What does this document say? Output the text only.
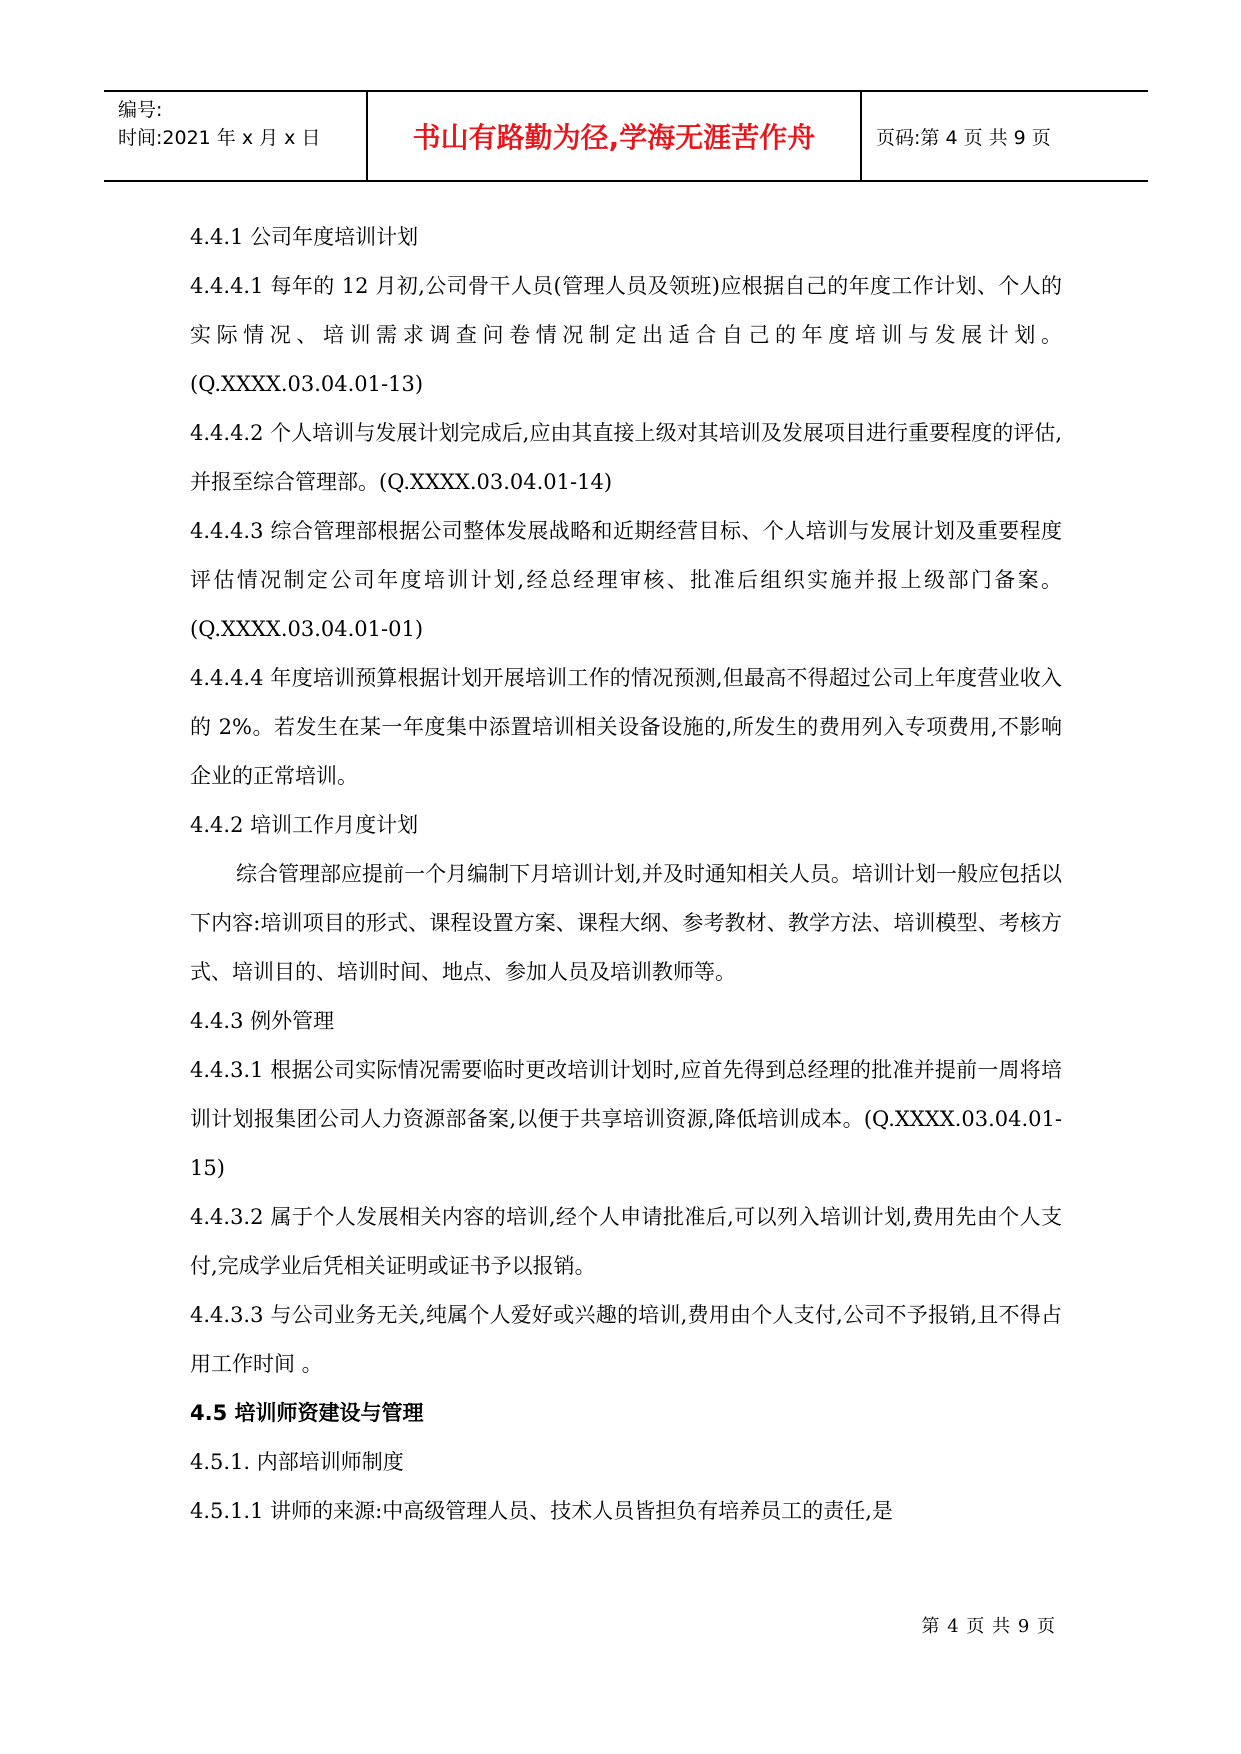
编号:
时间:2021 年 x 月 x 日	书山有路勤为径,学海无涯苦作舟	页码:第 4 页 共 9 页

4.4.1 公司年度培训计划

4.4.4.1 每年的 12 月初,公司骨干人员(管理人员及领班)应根据自己的年度工作计划、个人的实际情况、培训需求调查问卷情况制定出适合自己的年度培训与发展计划。(Q.XXXX.03.04.01-13)

4.4.4.2 个人培训与发展计划完成后,应由其直接上级对其培训及发展项目进行重要程度的评估,并报至综合管理部。(Q.XXXX.03.04.01-14)

4.4.4.3 综合管理部根据公司整体发展战略和近期经营目标、个人培训与发展计划及重要程度评估情况制定公司年度培训计划,经总经理审核、批准后组织实施并报上级部门备案。(Q.XXXX.03.04.01-01)

4.4.4.4 年度培训预算根据计划开展培训工作的情况预测,但最高不得超过公司上年度营业收入的 2%。若发生在某一年度集中添置培训相关设备设施的,所发生的费用列入专项费用,不影响企业的正常培训。

4.4.2 培训工作月度计划

综合管理部应提前一个月编制下月培训计划,并及时通知相关人员。培训计划一般应包括以下内容:培训项目的形式、课程设置方案、课程大纲、参考教材、教学方法、培训模型、考核方式、培训目的、培训时间、地点、参加人员及培训教师等。

4.4.3 例外管理

4.4.3.1 根据公司实际情况需要临时更改培训计划时,应首先得到总经理的批准并提前一周将培训计划报集团公司人力资源部备案,以便于共享培训资源,降低培训成本。(Q.XXXX.03.04.01-15)

4.4.3.2 属于个人发展相关内容的培训,经个人申请批准后,可以列入培训计划,费用先由个人支付,完成学业后凭相关证明或证书予以报销。

4.4.3.3 与公司业务无关,纯属个人爱好或兴趣的培训,费用由个人支付,公司不予报销,且不得占用工作时间 。

4.5 培训师资建设与管理

4.5.1. 内部培训师制度

4.5.1.1 讲师的来源:中高级管理人员、技术人员皆担负有培养员工的责任,是

第 4 页 共 9 页
